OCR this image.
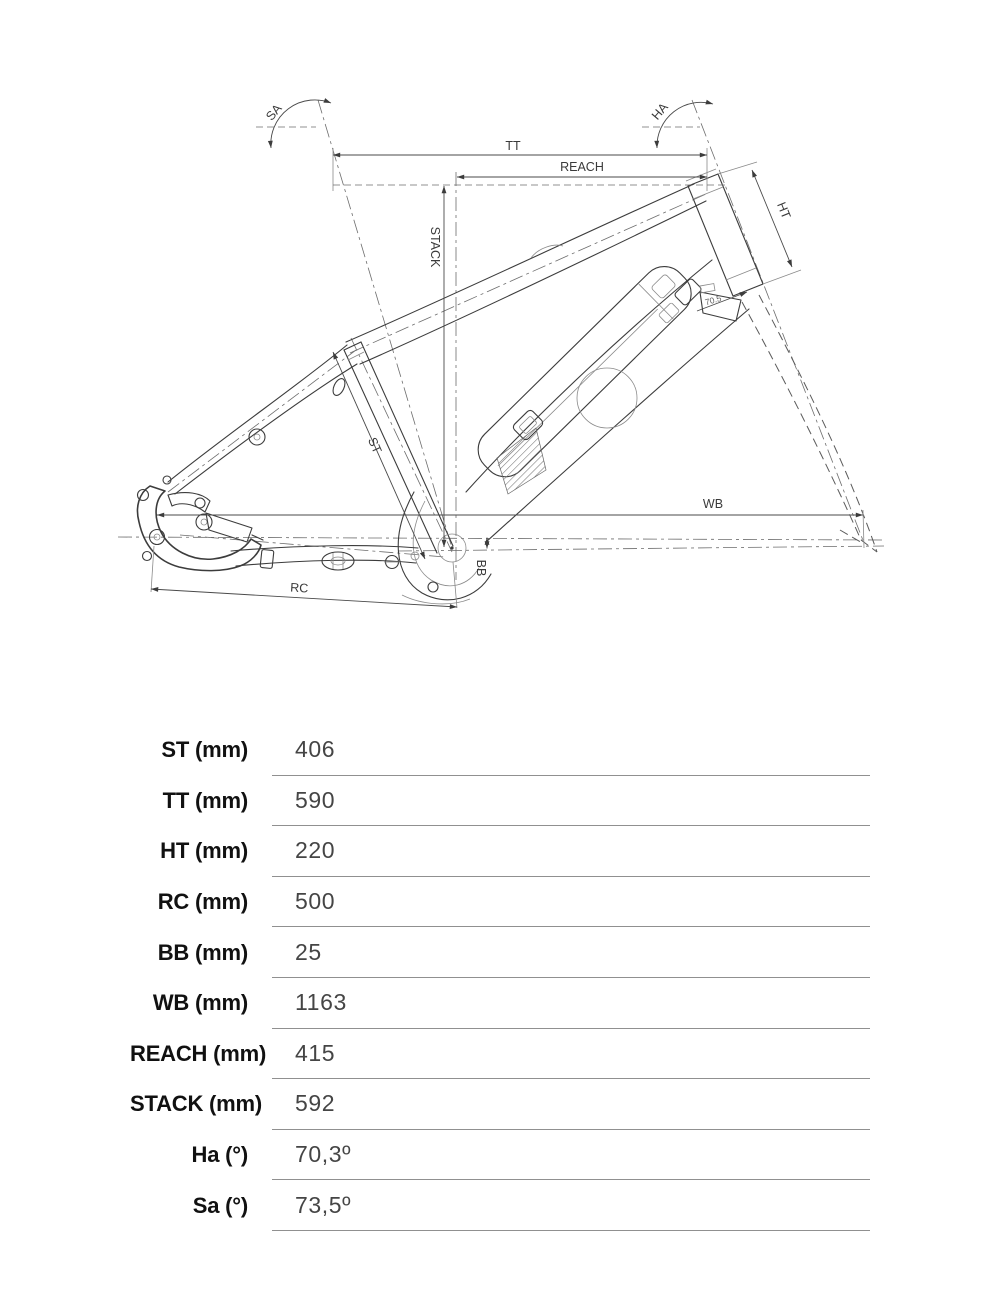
TT
REACH
STACK
ST
HT
WB
BB
RC
SA	HA
70.5
ST (mm) 406
TT (mm) 590
HT (mm) 220
RC (mm) 500
BB (mm) 25
WB (mm) 1163
REACH (mm) 415
STACK (mm) 592
Ha (°) 70,3º
Sa (°) 73,5º
